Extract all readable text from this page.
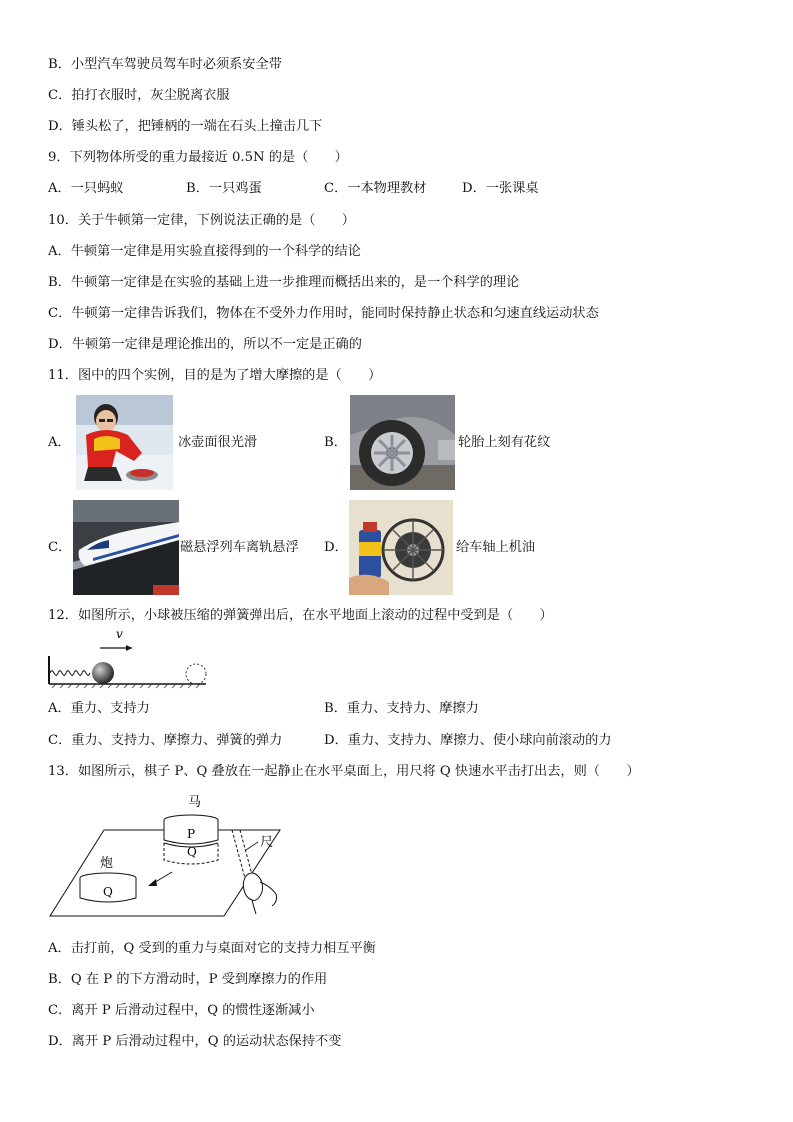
B．小型汽车驾驶员驾车时必须系安全带
C．拍打衣服时，灰尘脱离衣服
D．锤头松了，把锤柄的一端在石头上撞击几下
9．下列物体所受的重力最接近 0.5N 的是（　　）
A．一只蚂蚁	B．一只鸡蛋	C．一本物理教材	D．一张课桌
10．关于牛顿第一定律，下例说法正确的是（　　）
A．牛顿第一定律是用实验直接得到的一个科学的结论
B．牛顿第一定律是在实验的基础上进一步推理而概括出来的，是一个科学的理论
C．牛顿第一定律告诉我们，物体在不受外力作用时，能同时保持静止状态和匀速直线运动状态
D．牛顿第一定律是理论推出的，所以不一定是正确的
11．图中的四个实例，目的是为了增大摩擦的是（　　）
A．	冰壶面很光滑	B．	轮胎上刻有花纹
C．	磁悬浮列车离轨悬浮 D．	给车轴上机油
12．如图所示，小球被压缩的弹簧弹出后，在水平地面上滚动的过程中受到是（　　）
v
A．重力、支持力	B．重力、支持力、摩擦力
C．重力、支持力、摩擦力、弹簧的弹力	D．重力、支持力、摩擦力、使小球向前滚动的力
13．如图所示，棋子 P、Q 叠放在一起静止在水平桌面上，用尺将 Q 快速水平击打出去，则（　　）
马
P
Q
炮
Q
尺
A．击打前，Q 受到的重力与桌面对它的支持力相互平衡
B．Q 在 P 的下方滑动时，P 受到摩擦力的作用
C．离开 P 后滑动过程中，Q 的惯性逐渐减小
D．离开 P 后滑动过程中，Q 的运动状态保持不变
